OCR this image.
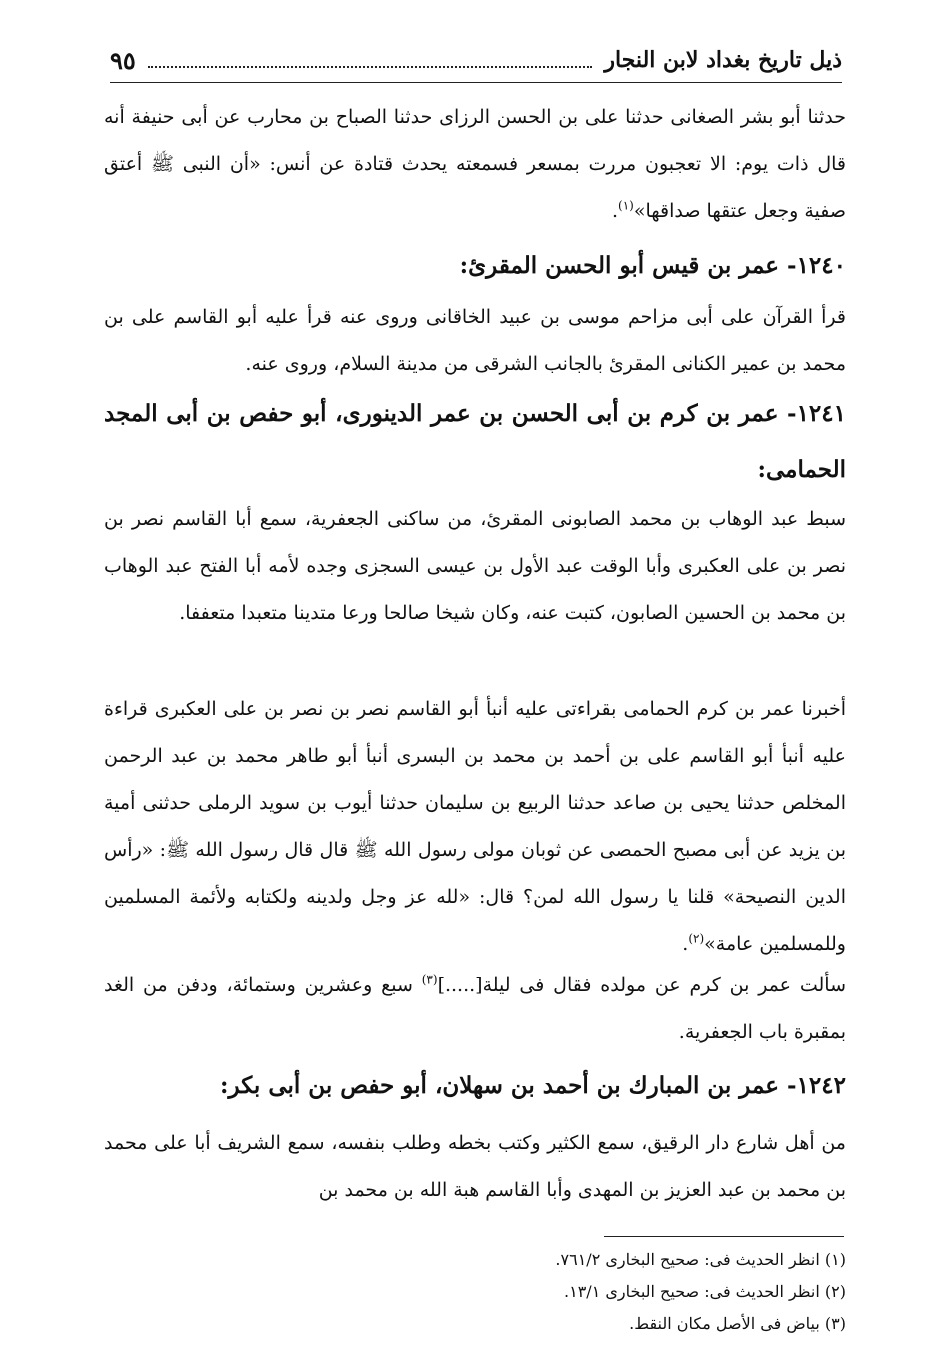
ذيل تاريخ بغداد لابن النجار
٩٥
حدثنا أبو بشر الصغانى حدثنا على بن الحسن الرزاى حدثنا الصباح بن محارب عن أبى حنيفة أنه قال ذات يوم: الا تعجبون مررت بمسعر فسمعته يحدث قتادة عن أنس: «أن النبى ﷺ أعتق صفية وجعل عتقها صداقها»$^{(١)}$.
١٢٤٠- عمر بن قيس أبو الحسن المقرئ:
قرأ القرآن على أبى مزاحم موسى بن عبيد الخاقانى وروى عنه قرأ عليه أبو القاسم على بن محمد بن عمير الكنانى المقرئ بالجانب الشرقى من مدينة السلام، وروى عنه.
١٢٤١- عمر بن كرم بن أبى الحسن بن عمر الدينورى، أبو حفص بن أبى المجد الحمامى:
سبط عبد الوهاب بن محمد الصابونى المقرئ، من ساكنى الجعفرية، سمع أبا القاسم نصر بن نصر بن على العكبرى وأبا الوقت عبد الأول بن عيسى السجزى وجده لأمه أبا الفتح عبد الوهاب بن محمد بن الحسين الصابون، كتبت عنه، وكان شيخا صالحا ورعا متدينا متعبدا متعففا.
أخبرنا عمر بن كرم الحمامى بقراءتى عليه أنبأ أبو القاسم نصر بن نصر بن على العكبرى قراءة عليه أنبأ أبو القاسم على بن أحمد بن محمد بن البسرى أنبأ أبو طاهر محمد بن عبد الرحمن المخلص حدثنا يحيى بن صاعد حدثنا الربيع بن سليمان حدثنا أيوب بن سويد الرملى حدثنى أمية بن يزيد عن أبى مصبح الحمصى عن ثوبان مولى رسول الله ﷺ قال قال رسول الله ﷺ: «رأس الدين النصيحة» قلنا يا رسول الله لمن؟ قال: «لله عز وجل ولدينه ولكتابه ولأئمة المسلمين وللمسلمين عامة»$^{(٢)}$.
سألت عمر بن كرم عن مولده فقال فى ليلة[.....]$^{(٣)}$ سبع وعشرين وستمائة، ودفن من الغد بمقبرة باب الجعفرية.
١٢٤٢- عمر بن المبارك بن أحمد بن سهلان، أبو حفص بن أبى بكر:
من أهل شارع دار الرقيق، سمع الكثير وكتب بخطه وطلب بنفسه، سمع الشريف أبا على محمد بن محمد بن عبد العزيز بن المهدى وأبا القاسم هبة الله بن محمد بن
(١) انظر الحديث فى: صحيح البخارى ٧٦١/٢.
(٢) انظر الحديث فى: صحيح البخارى ١٣/١.
(٣) بياض فى الأصل مكان النقط.
